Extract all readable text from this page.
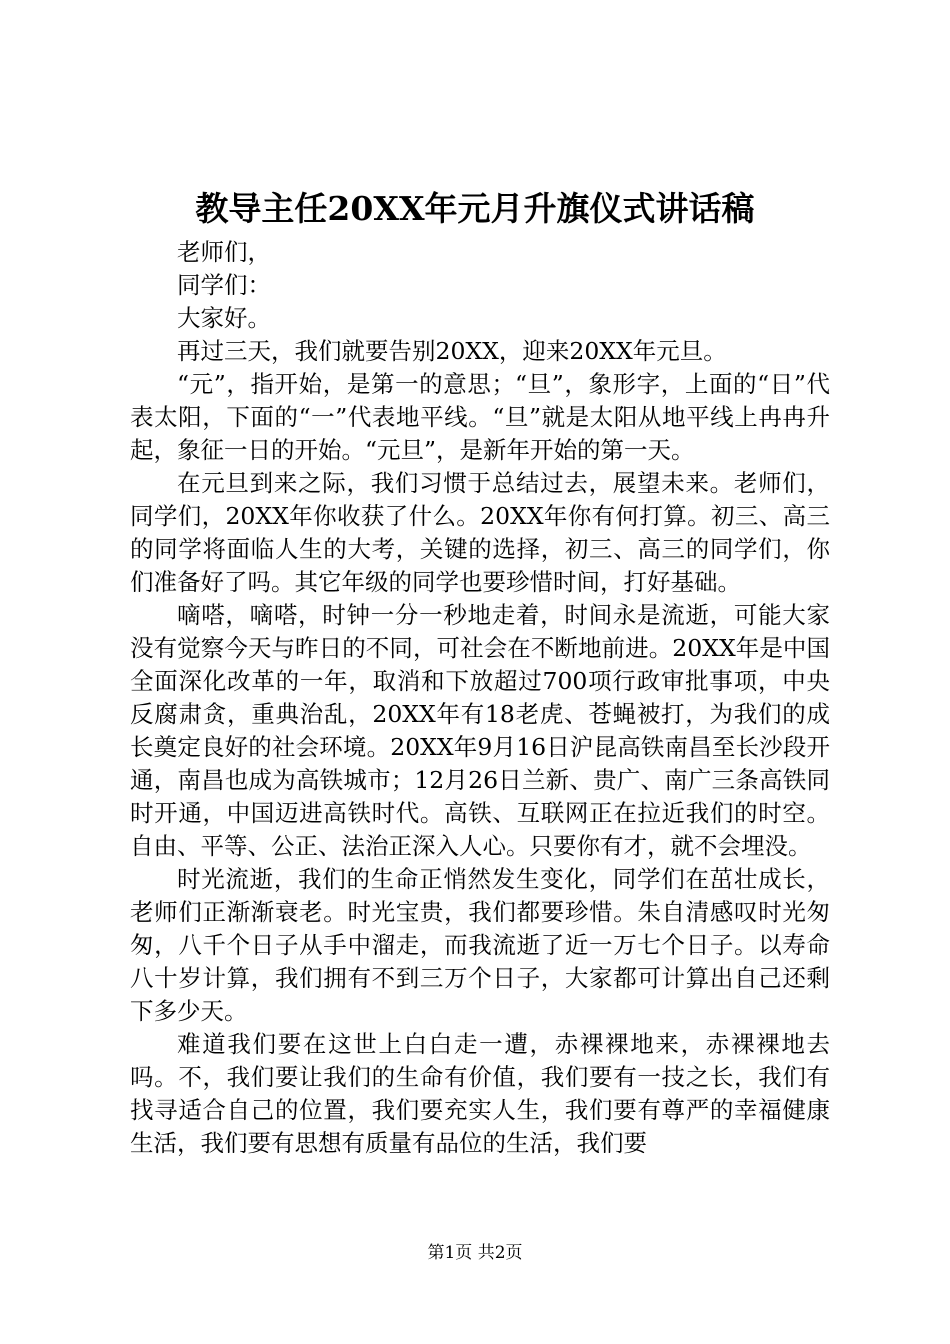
教导主任20XX年元月升旗仪式讲话稿

老师们，

同学们：

大家好。

再过三天，我们就要告别20XX，迎来20XX年元旦。

“元”，指开始，是第一的意思；“旦”，象形字，上面的“日”代表太阳，下面的“一”代表地平线。“旦”就是太阳从地平线上冉冉升起，象征一日的开始。“元旦”，是新年开始的第一天。

在元旦到来之际，我们习惯于总结过去，展望未来。老师们，同学们，20XX年你收获了什么。20XX年你有何打算。初三、高三的同学将面临人生的大考，关键的选择，初三、高三的同学们，你们准备好了吗。其它年级的同学也要珍惜时间，打好基础。

嘀嗒，嘀嗒，时钟一分一秒地走着，时间永是流逝，可能大家没有觉察今天与昨日的不同，可社会在不断地前进。20XX年是中国全面深化改革的一年，取消和下放超过700项行政审批事项，中央反腐肃贪，重典治乱，20XX年有18老虎、苍蝇被打，为我们的成长奠定良好的社会环境。20XX年9月16日沪昆高铁南昌至长沙段开通，南昌也成为高铁城市；12月26日兰新、贵广、南广三条高铁同时开通，中国迈进高铁时代。高铁、互联网正在拉近我们的时空。自由、平等、公正、法治正深入人心。只要你有才，就不会埋没。

时光流逝，我们的生命正悄然发生变化，同学们在茁壮成长，老师们正渐渐衰老。时光宝贵，我们都要珍惜。朱自清感叹时光匆匆，八千个日子从手中溜走，而我流逝了近一万七个日子。以寿命八十岁计算，我们拥有不到三万个日子，大家都可计算出自己还剩下多少天。

难道我们要在这世上白白走一遭，赤裸裸地来，赤裸裸地去吗。不，我们要让我们的生命有价值，我们要有一技之长，我们有找寻适合自己的位置，我们要充实人生，我们要有尊严的幸福健康生活，我们要有思想有质量有品位的生活，我们要

第1页 共2页
